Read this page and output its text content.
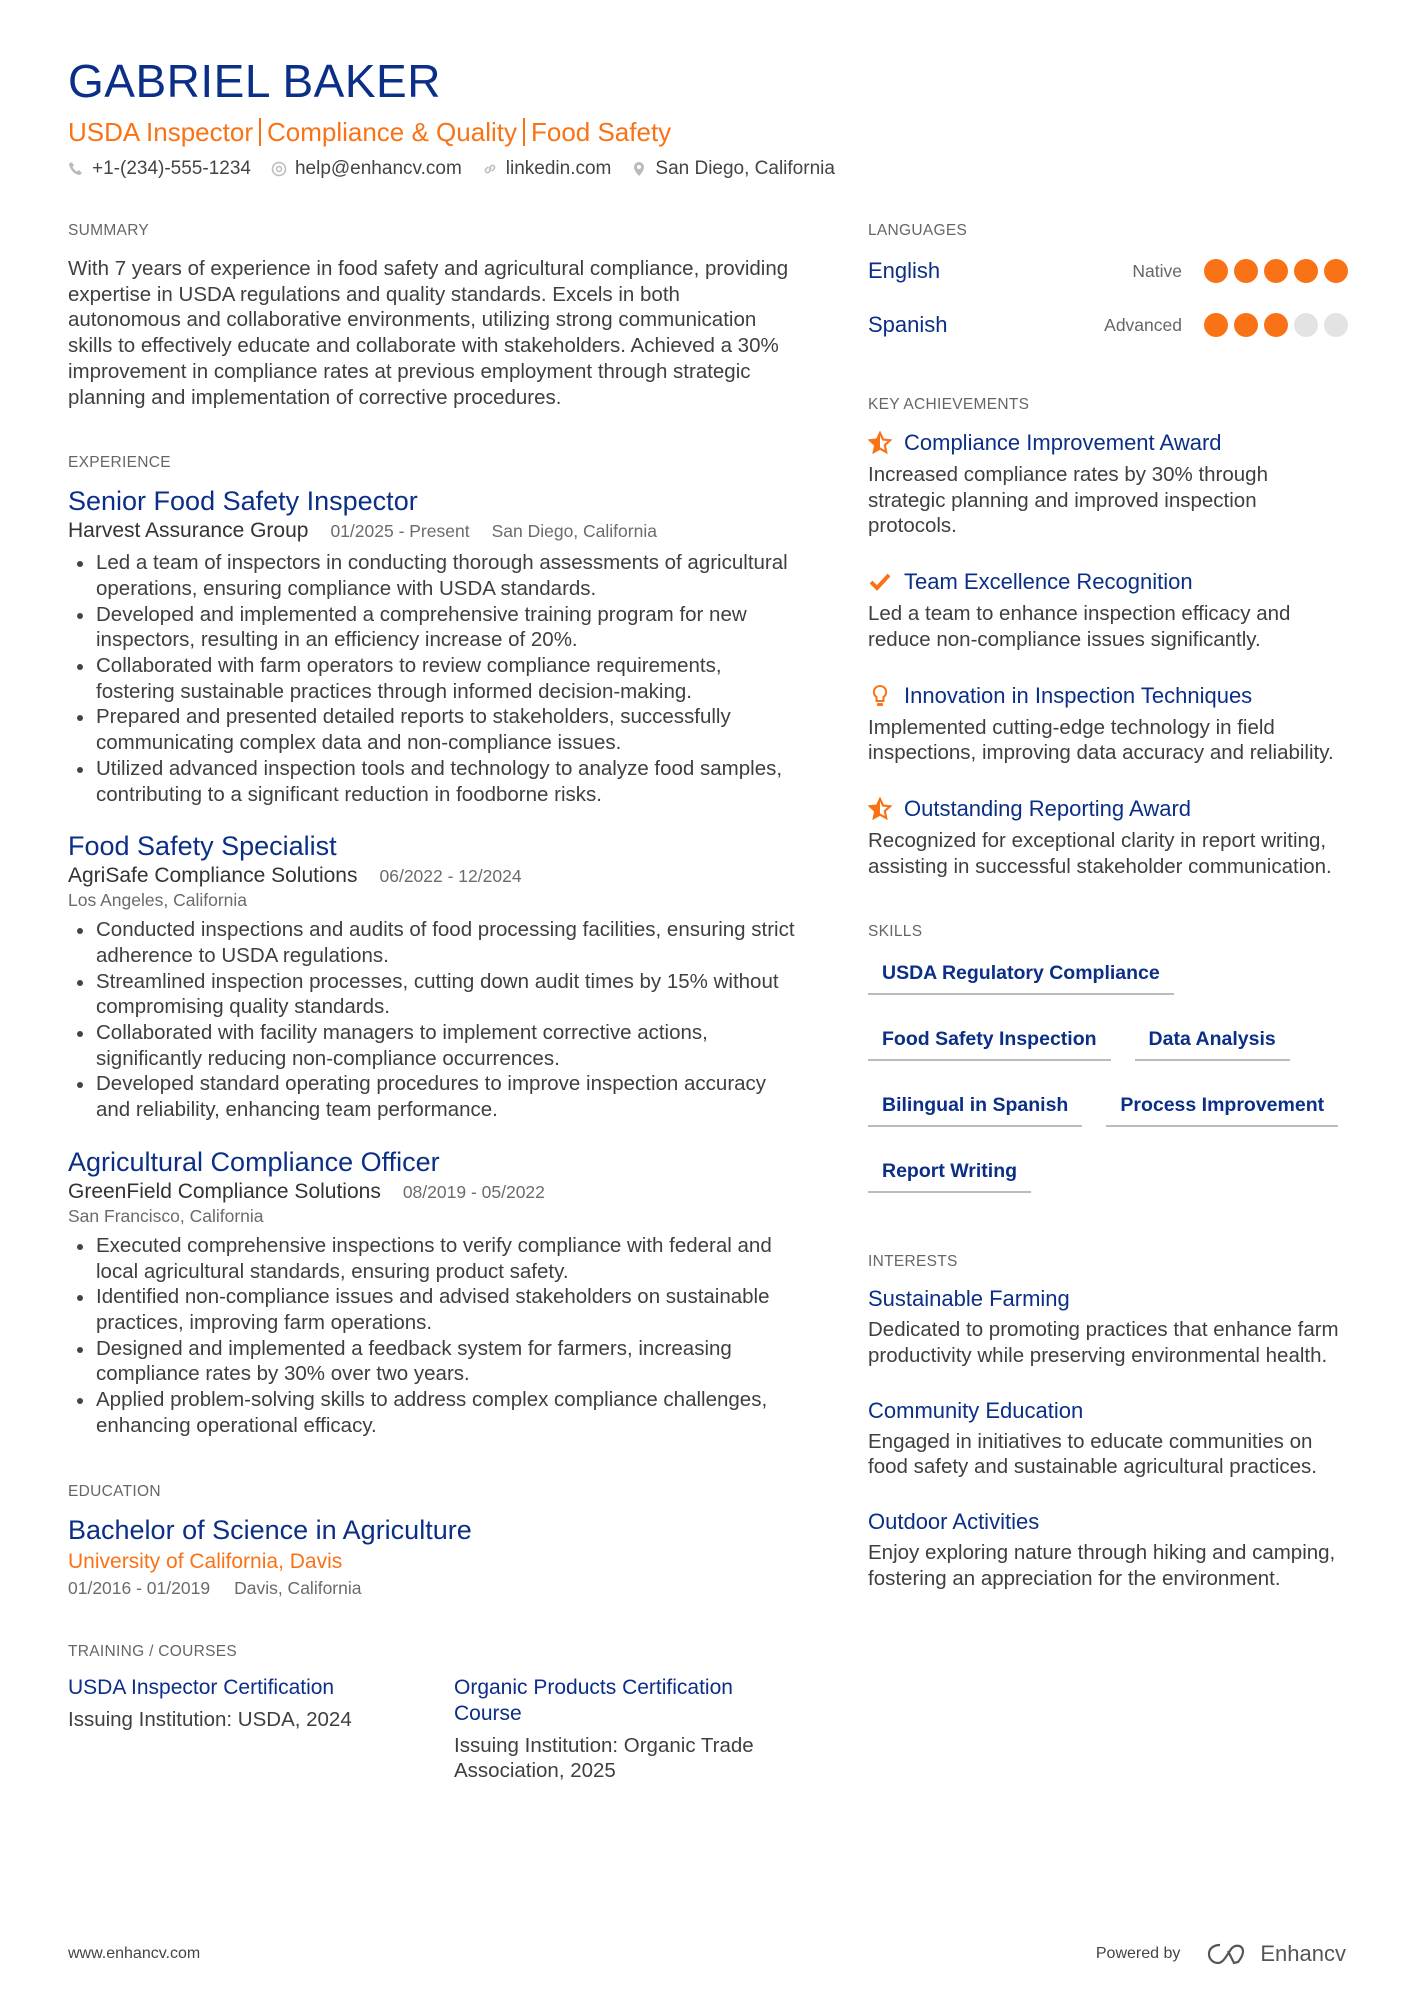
GABRIEL BAKER
USDA Inspector Compliance & Quality Food Safety
+1-(234)-555-1234 help@enhancv.com linkedin.com San Diego, California
SUMMARY
With 7 years of experience in food safety and agricultural compliance, providing expertise in USDA regulations and quality standards. Excels in both autonomous and collaborative environments, utilizing strong communication skills to effectively educate and collaborate with stakeholders. Achieved a 30% improvement in compliance rates at previous employment through strategic planning and implementation of corrective procedures.
EXPERIENCE
Senior Food Safety Inspector
Harvest Assurance Group 01/2025 - Present San Diego, California
Led a team of inspectors in conducting thorough assessments of agricultural operations, ensuring compliance with USDA standards.
Developed and implemented a comprehensive training program for new inspectors, resulting in an efficiency increase of 20%.
Collaborated with farm operators to review compliance requirements, fostering sustainable practices through informed decision-making.
Prepared and presented detailed reports to stakeholders, successfully communicating complex data and non-compliance issues.
Utilized advanced inspection tools and technology to analyze food samples, contributing to a significant reduction in foodborne risks.
Food Safety Specialist
AgriSafe Compliance Solutions 06/2022 - 12/2024
Los Angeles, California
Conducted inspections and audits of food processing facilities, ensuring strict adherence to USDA regulations.
Streamlined inspection processes, cutting down audit times by 15% without compromising quality standards.
Collaborated with facility managers to implement corrective actions, significantly reducing non-compliance occurrences.
Developed standard operating procedures to improve inspection accuracy and reliability, enhancing team performance.
Agricultural Compliance Officer
GreenField Compliance Solutions 08/2019 - 05/2022
San Francisco, California
Executed comprehensive inspections to verify compliance with federal and local agricultural standards, ensuring product safety.
Identified non-compliance issues and advised stakeholders on sustainable practices, improving farm operations.
Designed and implemented a feedback system for farmers, increasing compliance rates by 30% over two years.
Applied problem-solving skills to address complex compliance challenges, enhancing operational efficacy.
EDUCATION
Bachelor of Science in Agriculture
University of California, Davis
01/2016 - 01/2019 Davis, California
TRAINING / COURSES
USDA Inspector Certification
Issuing Institution: USDA, 2024
Organic Products Certification Course
Issuing Institution: Organic Trade Association, 2025
LANGUAGES
English	Native
Spanish	Advanced
KEY ACHIEVEMENTS
Compliance Improvement Award
Increased compliance rates by 30% through strategic planning and improved inspection protocols.
Team Excellence Recognition
Led a team to enhance inspection efficacy and reduce non-compliance issues significantly.
Innovation in Inspection Techniques
Implemented cutting-edge technology in field inspections, improving data accuracy and reliability.
Outstanding Reporting Award
Recognized for exceptional clarity in report writing, assisting in successful stakeholder communication.
SKILLS
USDA Regulatory Compliance
Food Safety Inspection	Data Analysis
Bilingual in Spanish	Process Improvement
Report Writing
INTERESTS
Sustainable Farming
Dedicated to promoting practices that enhance farm productivity while preserving environmental health.
Community Education
Engaged in initiatives to educate communities on food safety and sustainable agricultural practices.
Outdoor Activities
Enjoy exploring nature through hiking and camping, fostering an appreciation for the environment.
www.enhancv.com	Powered by	Enhancv
